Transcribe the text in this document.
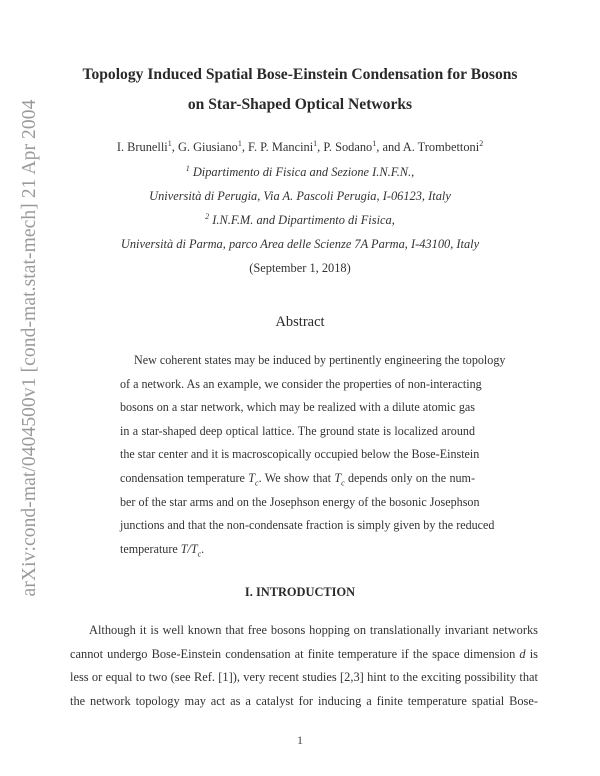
arXiv:cond-mat/0404500v1 [cond-mat.stat-mech] 21 Apr 2004
Topology Induced Spatial Bose-Einstein Condensation for Bosons
on Star-Shaped Optical Networks
I. Brunelli$^1$, G. Giusiano$^1$, F. P. Mancini$^1$, P. Sodano$^1$, and A. Trombettoni$^2$
$^1$ Dipartimento di Fisica and Sezione I.N.F.N.,
Università di Perugia, Via A. Pascoli Perugia, I-06123, Italy
$^2$ I.N.F.M. and Dipartimento di Fisica,
Università di Parma, parco Area delle Scienze 7A Parma, I-43100, Italy
(September 1, 2018)
Abstract
New coherent states may be induced by pertinently engineering the topology
of a network. As an example, we consider the properties of non-interacting
bosons on a star network, which may be realized with a dilute atomic gas
in a star-shaped deep optical lattice. The ground state is localized around
the star center and it is macroscopically occupied below the Bose-Einstein
condensation temperature $T_c$. We show that $T_c$ depends only on the num-
ber of the star arms and on the Josephson energy of the bosonic Josephson
junctions and that the non-condensate fraction is simply given by the reduced
temperature $T/T_c$.
I. INTRODUCTION
Although it is well known that free bosons hopping on translationally invariant networks
cannot undergo Bose-Einstein condensation at finite temperature if the space dimension d is
less or equal to two (see Ref. [1]), very recent studies [2,3] hint to the exciting possibility that
the network topology may act as a catalyst for inducing a finite temperature spatial Bose-
1
